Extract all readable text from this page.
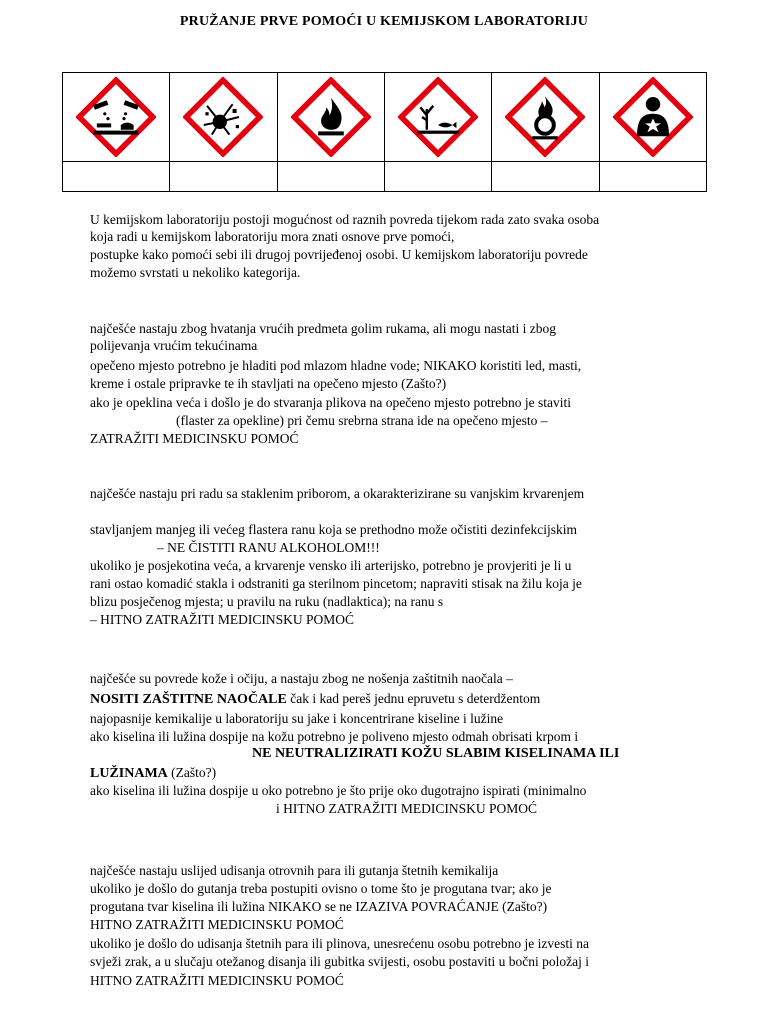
PRUŽANJE PRVE POMOĆI U KEMIJSKOM LABORATORIJU

U kemijskom laboratoriju postoji mogućnost od raznih povreda tijekom rada zato svaka osoba
koja radi u kemijskom laboratoriju mora znati osnove prve pomoći,
postupke kako pomoći sebi ili drugoj povrijeđenoj osobi. U kemijskom laboratoriju povrede
možemo svrstati u nekoliko kategorija.
najčešće nastaju zbog hvatanja vrućih predmeta golim rukama, ali mogu nastati i zbog
polijevanja vrućim tekućinama
opečeno mjesto potrebno je hladiti pod mlazom hladne vode; NIKAKO koristiti led, masti,
kreme i ostale pripravke te ih stavljati na opečeno mjesto (Zašto?)
ako je opeklina veća i došlo je do stvaranja plikova na opečeno mjesto potrebno je staviti
(flaster za opekline) pri čemu srebrna strana ide na opečeno mjesto –
ZATRAŽITI MEDICINSKU POMOĆ
najčešće nastaju pri radu sa staklenim priborom, a okarakterizirane su vanjskim krvarenjem
stavljanjem manjeg ili većeg flastera ranu koja se prethodno može očistiti dezinfekcijskim
– NE ČISTITI RANU ALKOHOLOM!!!
ukoliko je posjekotina veća, a krvarenje vensko ili arterijsko, potrebno je provjeriti je li u
rani ostao komadić stakla i odstraniti ga sterilnom pincetom; napraviti stisak na žilu koja je
blizu posječenog mjesta; u pravilu na ruku (nadlaktica); na ranu s
– HITNO ZATRAŽITI MEDICINSKU POMOĆ
najčešće su povrede kože i očiju, a nastaju zbog ne nošenja zaštitnih naočala –
NOSITI ZAŠTITNE NAOČALE čak i kad pereš jednu epruvetu s deterdžentom
najopasnije kemikalije u laboratoriju su jake i koncentrirane kiseline i lužine
ako kiselina ili lužina dospije na kožu potrebno je poliveno mjesto odmah obrisati krpom i
NE NEUTRALIZIRATI KOŽU SLABIM KISELINAMA ILI
LUŽINAMA (Zašto?)
ako kiselina ili lužina dospije u oko potrebno je što prije oko dugotrajno ispirati (minimalno
i HITNO ZATRAŽITI MEDICINSKU POMOĆ
najčešće nastaju uslijed udisanja otrovnih para ili gutanja štetnih kemikalija
ukoliko je došlo do gutanja treba postupiti ovisno o tome što je progutana tvar; ako je
progutana tvar kiselina ili lužina NIKAKO se ne IZAZIVA POVRAĆANJE (Zašto?)
HITNO ZATRAŽITI MEDICINSKU POMOĆ
ukoliko je došlo do udisanja štetnih para ili plinova, unesrećenu osobu potrebno je izvesti na
svježi zrak, a u slučaju otežanog disanja ili gubitka svijesti, osobu postaviti u bočni položaj i
HITNO ZATRAŽITI MEDICINSKU POMOĆ
